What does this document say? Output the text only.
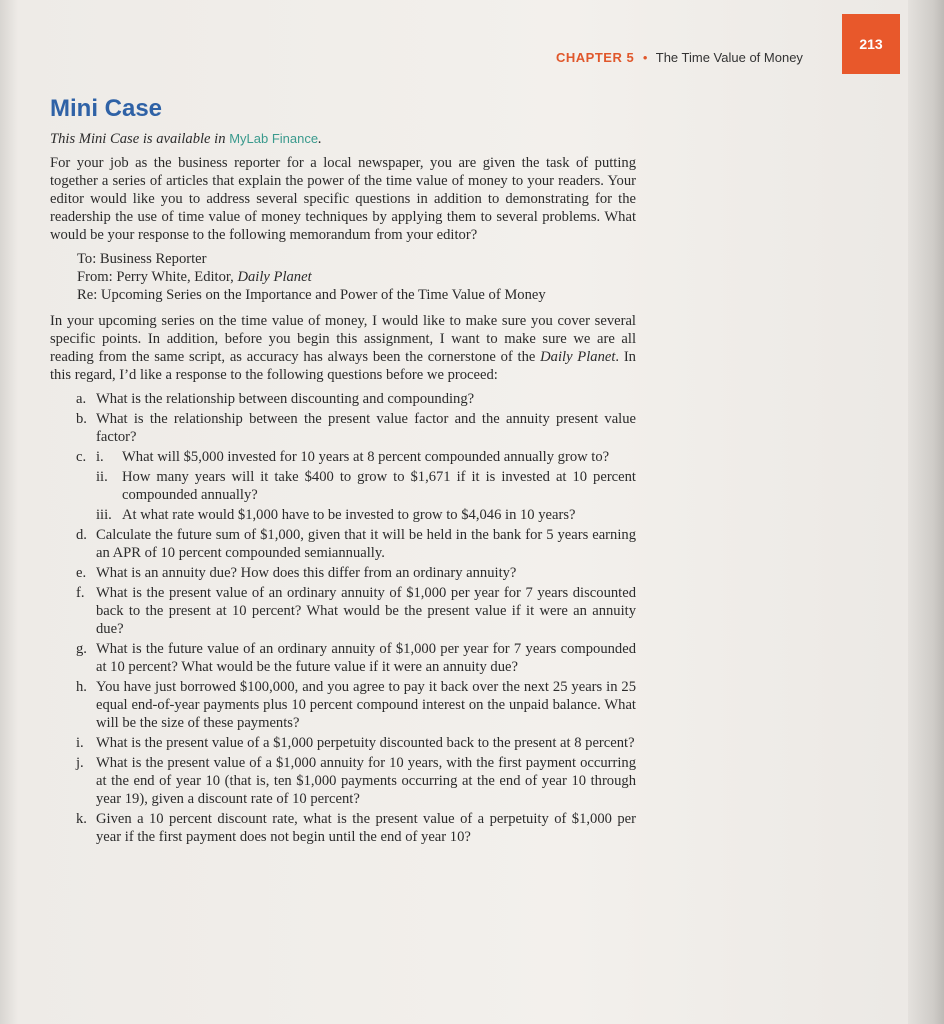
CHAPTER 5 • The Time Value of Money
213
Mini Case

This Mini Case is available in MyLab Finance.

For your job as the business reporter for a local newspaper, you are given the task of putting together a series of articles that explain the power of the time value of money to your readers. Your editor would like you to address several specific questions in addition to demonstrating for the readership the use of time value of money techniques by applying them to several problems. What would be your response to the following memorandum from your editor?

To: Business Reporter
From: Perry White, Editor, Daily Planet
Re: Upcoming Series on the Importance and Power of the Time Value of Money

In your upcoming series on the time value of money, I would like to make sure you cover several specific points. In addition, before you begin this assignment, I want to make sure we are all reading from the same script, as accuracy has always been the cornerstone of the Daily Planet. In this regard, I’d like a response to the following questions before we proceed:

a. What is the relationship between discounting and compounding?
b. What is the relationship between the present value factor and the annuity present value factor?
c. i. What will $5,000 invested for 10 years at 8 percent compounded annually grow to?
ii. How many years will it take $400 to grow to $1,671 if it is invested at 10 percent compounded annually?
iii. At what rate would $1,000 have to be invested to grow to $4,046 in 10 years?
d. Calculate the future sum of $1,000, given that it will be held in the bank for 5 years earning an APR of 10 percent compounded semiannually.
e. What is an annuity due? How does this differ from an ordinary annuity?
f. What is the present value of an ordinary annuity of $1,000 per year for 7 years discounted back to the present at 10 percent? What would be the present value if it were an annuity due?
g. What is the future value of an ordinary annuity of $1,000 per year for 7 years compounded at 10 percent? What would be the future value if it were an annuity due?
h. You have just borrowed $100,000, and you agree to pay it back over the next 25 years in 25 equal end-of-year payments plus 10 percent compound interest on the unpaid balance. What will be the size of these payments?
i. What is the present value of a $1,000 perpetuity discounted back to the present at 8 percent?
j. What is the present value of a $1,000 annuity for 10 years, with the first payment occurring at the end of year 10 (that is, ten $1,000 payments occurring at the end of year 10 through year 19), given a discount rate of 10 percent?
k. Given a 10 percent discount rate, what is the present value of a perpetuity of $1,000 per year if the first payment does not begin until the end of year 10?
